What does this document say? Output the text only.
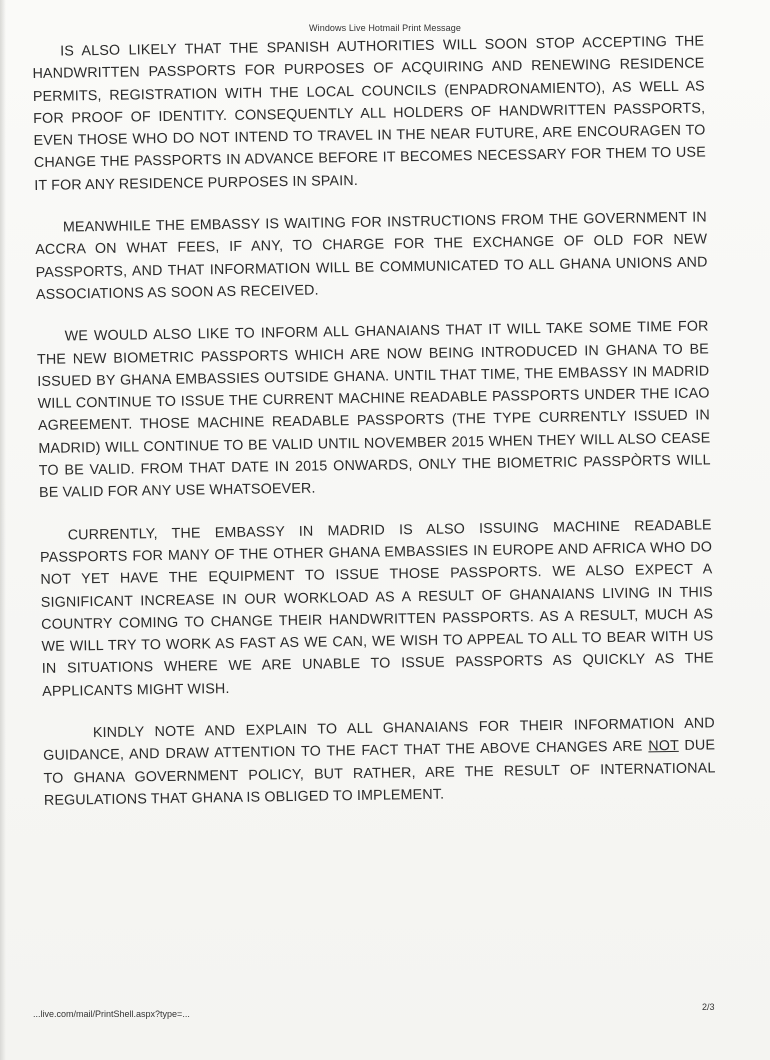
Windows Live Hotmail Print Message

IS ALSO LIKELY THAT THE SPANISH AUTHORITIES WILL SOON STOP ACCEPTING THE HANDWRITTEN PASSPORTS FOR PURPOSES OF ACQUIRING AND RENEWING RESIDENCE PERMITS, REGISTRATION WITH THE LOCAL COUNCILS (ENPADRONAMIENTO), AS WELL AS FOR PROOF OF IDENTITY. CONSEQUENTLY ALL HOLDERS OF HANDWRITTEN PASSPORTS, EVEN THOSE WHO DO NOT INTEND TO TRAVEL IN THE NEAR FUTURE, ARE ENCOURAGEN TO CHANGE THE PASSPORTS IN ADVANCE BEFORE IT BECOMES NECESSARY FOR THEM TO USE IT FOR ANY RESIDENCE PURPOSES IN SPAIN.

MEANWHILE THE EMBASSY IS WAITING FOR INSTRUCTIONS FROM THE GOVERNMENT IN ACCRA ON WHAT FEES, IF ANY, TO CHARGE FOR THE EXCHANGE OF OLD FOR NEW PASSPORTS, AND THAT INFORMATION WILL BE COMMUNICATED TO ALL GHANA UNIONS AND ASSOCIATIONS AS SOON AS RECEIVED.

WE WOULD ALSO LIKE TO INFORM ALL GHANAIANS THAT IT WILL TAKE SOME TIME FOR THE NEW BIOMETRIC PASSPORTS WHICH ARE NOW BEING INTRODUCED IN GHANA TO BE ISSUED BY GHANA EMBASSIES OUTSIDE GHANA. UNTIL THAT TIME, THE EMBASSY IN MADRID WILL CONTINUE TO ISSUE THE CURRENT MACHINE READABLE PASSPORTS UNDER THE ICAO AGREEMENT. THOSE MACHINE READABLE PASSPORTS (THE TYPE CURRENTLY ISSUED IN MADRID) WILL CONTINUE TO BE VALID UNTIL NOVEMBER 2015 WHEN THEY WILL ALSO CEASE TO BE VALID. FROM THAT DATE IN 2015 ONWARDS, ONLY THE BIOMETRIC PASSPÒRTS WILL BE VALID FOR ANY USE WHATSOEVER.

CURRENTLY, THE EMBASSY IN MADRID IS ALSO ISSUING MACHINE READABLE PASSPORTS FOR MANY OF THE OTHER GHANA EMBASSIES IN EUROPE AND AFRICA WHO DO NOT YET HAVE THE EQUIPMENT TO ISSUE THOSE PASSPORTS. WE ALSO EXPECT A SIGNIFICANT INCREASE IN OUR WORKLOAD AS A RESULT OF GHANAIANS LIVING IN THIS COUNTRY COMING TO CHANGE THEIR HANDWRITTEN PASSPORTS. AS A RESULT, MUCH AS WE WILL TRY TO WORK AS FAST AS WE CAN, WE WISH TO APPEAL TO ALL TO BEAR WITH US IN SITUATIONS WHERE WE ARE UNABLE TO ISSUE PASSPORTS AS QUICKLY AS THE APPLICANTS MIGHT WISH.

KINDLY NOTE AND EXPLAIN TO ALL GHANAIANS FOR THEIR INFORMATION AND GUIDANCE, AND DRAW ATTENTION TO THE FACT THAT THE ABOVE CHANGES ARE NOT DUE TO GHANA GOVERNMENT POLICY, BUT RATHER, ARE THE RESULT OF INTERNATIONAL REGULATIONS THAT GHANA IS OBLIGED TO IMPLEMENT.

...live.com/mail/PrintShell.aspx?type=...
2/3
